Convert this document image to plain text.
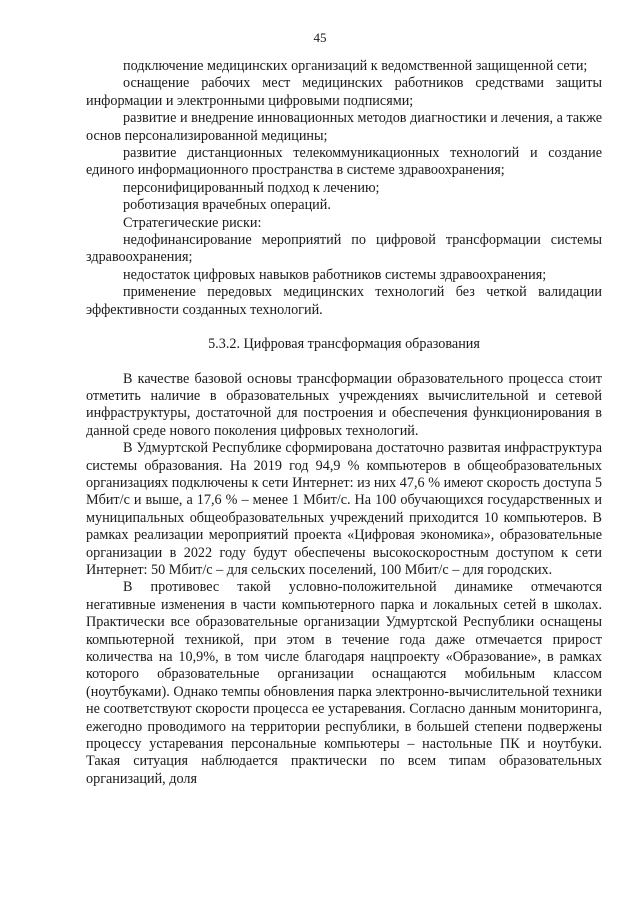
45

подключение медицинских организаций к ведомственной защищенной сети;

оснащение рабочих мест медицинских работников средствами защиты информации и электронными цифровыми подписями;

развитие и внедрение инновационных методов диагностики и лечения, а также основ персонализированной медицины;

развитие дистанционных телекоммуникационных технологий и создание единого информационного пространства в системе здравоохранения;

персонифицированный подход к лечению;

роботизация врачебных операций.

Стратегические риски:

недофинансирование мероприятий по цифровой трансформации системы здравоохранения;

недостаток цифровых навыков работников системы здравоохранения;

применение передовых медицинских технологий без четкой валидации эффективности созданных технологий.

5.3.2. Цифровая трансформация образования

В качестве базовой основы трансформации образовательного процесса стоит отметить наличие в образовательных учреждениях вычислительной и сетевой инфраструктуры, достаточной для построения и обеспечения функционирования в данной среде нового поколения цифровых технологий.

В Удмуртской Республике сформирована достаточно развитая инфраструктура системы образования. На 2019 год 94,9 % компьютеров в общеобразовательных организациях подключены к сети Интернет: из них 47,6 % имеют скорость доступа 5 Мбит/с и выше, а 17,6 % – менее 1 Мбит/с. На 100 обучающихся государственных и муниципальных общеобразовательных учреждений приходится 10 компьютеров. В рамках реализации мероприятий проекта «Цифровая экономика», образовательные организации в 2022 году будут обеспечены высокоскоростным доступом к сети Интернет: 50 Мбит/с – для сельских поселений, 100 Мбит/с – для городских.

В противовес такой условно-положительной динамике отмечаются негативные изменения в части компьютерного парка и локальных сетей в школах. Практически все образовательные организации Удмуртской Республики оснащены компьютерной техникой, при этом в течение года даже отмечается прирост количества на 10,9%, в том числе благодаря нацпроекту «Образование», в рамках которого образовательные организации оснащаются мобильным классом (ноутбуками). Однако темпы обновления парка электронно-вычислительной техники не соответствуют скорости процесса ее устаревания. Согласно данным мониторинга, ежегодно проводимого на территории республики, в большей степени подвержены процессу устаревания персональные компьютеры – настольные ПК и ноутбуки. Такая ситуация наблюдается практически по всем типам образовательных организаций, доля
